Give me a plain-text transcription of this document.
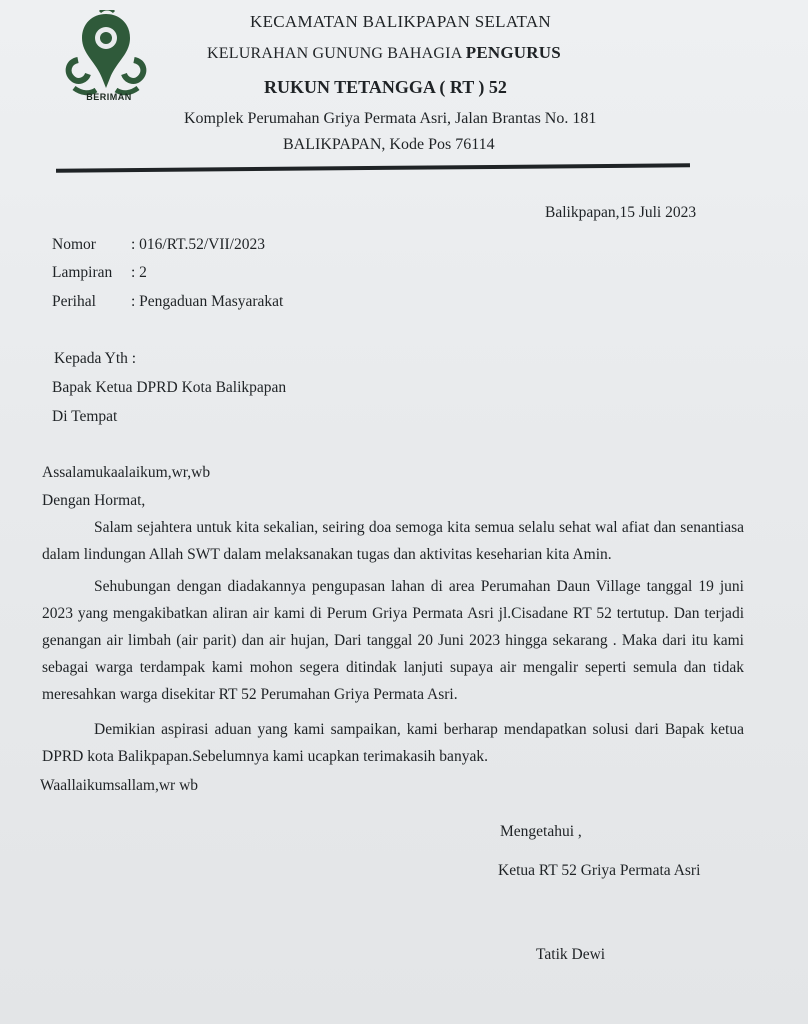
BERIMAN
KECAMATAN BALIKPAPAN SELATAN
KELURAHAN GUNUNG BAHAGIA PENGURUS
RUKUN TETANGGA ( RT ) 52
Komplek Perumahan Griya Permata Asri, Jalan Brantas No. 181
BALIKPAPAN, Kode Pos 76114
Balikpapan,15 Juli 2023
Nomor : 016/RT.52/VII/2023
Lampiran : 2
Perihal : Pengaduan Masyarakat
Kepada Yth :
Bapak Ketua DPRD Kota Balikpapan
Di Tempat
Assalamukaalaikum,wr,wb
Dengan Hormat,
Salam sejahtera untuk kita sekalian, seiring doa semoga kita semua selalu sehat wal afiat dan senantiasa dalam lindungan Allah SWT dalam melaksanakan tugas dan aktivitas keseharian kita Amin.
Sehubungan dengan diadakannya pengupasan lahan di area Perumahan Daun Village tanggal 19 juni 2023 yang mengakibatkan aliran air kami di Perum Griya Permata Asri jl.Cisadane RT 52 tertutup. Dan terjadi genangan air limbah (air parit) dan air hujan, Dari tanggal 20 Juni 2023 hingga sekarang . Maka dari itu kami sebagai warga terdampak kami mohon segera ditindak lanjuti supaya air mengalir seperti semula dan tidak meresahkan warga disekitar RT 52 Perumahan Griya Permata Asri.
Demikian aspirasi aduan yang kami sampaikan, kami berharap mendapatkan solusi dari Bapak ketua DPRD kota Balikpapan.Sebelumnya kami ucapkan terimakasih banyak.
Waallaikumsallam,wr wb
Mengetahui ,
Ketua RT 52 Griya Permata Asri
Tatik Dewi
